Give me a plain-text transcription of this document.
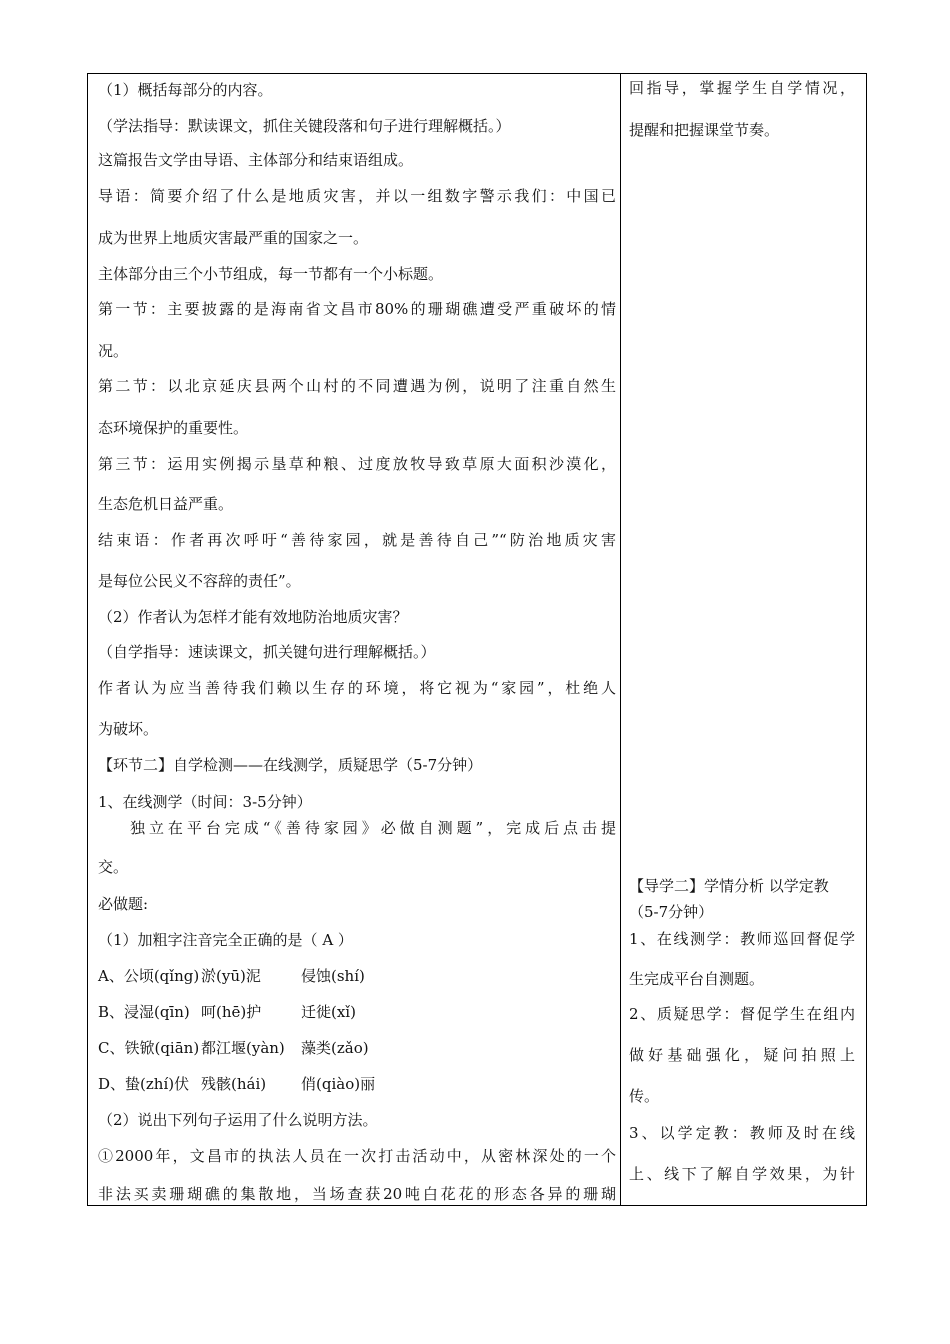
（1）概括每部分的内容。
（学法指导：默读课文，抓住关键段落和句子进行理解概括。）
这篇报告文学由导语、主体部分和结束语组成。
导语：简要介绍了什么是地质灾害，并以一组数字警示我们：中国已
成为世界上地质灾害最严重的国家之一。
主体部分由三个小节组成，每一节都有一个小标题。
第一节：主要披露的是海南省文昌市80%的珊瑚礁遭受严重破坏的情
况。
第二节：以北京延庆县两个山村的不同遭遇为例，说明了注重自然生
态环境保护的重要性。
第三节：运用实例揭示垦草种粮、过度放牧导致草原大面积沙漠化，
生态危机日益严重。
结束语：作者再次呼吁“善待家园，就是善待自己”“防治地质灾害
是每位公民义不容辞的责任”。
（2）作者认为怎样才能有效地防治地质灾害？
（自学指导：速读课文，抓关键句进行理解概括。）
作者认为应当善待我们赖以生存的环境，将它视为“家园”，杜绝人
为破坏。
【环节二】自学检测——在线测学，质疑思学（5-7分钟）
1、在线测学（时间：3-5分钟）
独立在平台完成“《善待家园》必做自测题”，完成后点击提
交。
必做题:
（1）加粗字注音完全正确的是（ A ）
A、公顷(qǐng) 淤(yū)泥	侵蚀(shí)
B、浸湿(qīn) 呵(hē)护	迁徙(xǐ)
C、铁锨(qiān) 都江堰(yàn) 藻类(zǎo)
D、蛰(zhí)伏 残骸(hái) 俏(qiào)丽
（2）说出下列句子运用了什么说明方法。
①2000年，文昌市的执法人员在一次打击活动中，从密林深处的一个
非法买卖珊瑚礁的集散地，当场查获20吨白花花的形态各异的珊瑚
回指导，掌握学生自学情况，
提醒和把握课堂节奏。
【导学二】学情分析 以学定教
（5-7分钟）
1、在线测学：教师巡回督促学
生完成平台自测题。
2、质疑思学：督促学生在组内
做好基础强化，疑问拍照上
传。
3、以学定教：教师及时在线
上、线下了解自学效果，为针
